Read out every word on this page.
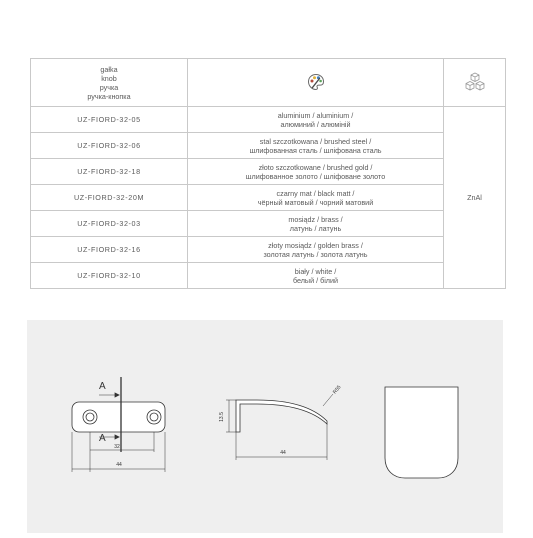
gałka
knob
ручка
ручка-кнопка

UZ-FIORD-32-05	aluminium / aluminium /
алюминий / алюміній	ZnAl
UZ-FIORD-32-06	stal szczotkowana / brushed steel /
шлифованная сталь / шліфована сталь	

UZ-FIORD-32-18	złoto szczotkowane / brushed gold /
шлифованное золото / шліфоване золото	

UZ-FIORD-32-20M	czarny mat / black matt /
чёрный матовый / чорний матовий	

UZ-FIORD-32-03	mosiądz / brass /
латунь / латунь	

UZ-FIORD-32-16	złoty mosiądz / golden brass /
золотая латунь / золота латунь	

UZ-FIORD-32-10	biały / white /
белый / білий	
A
A
32
44
13.5
44
R55
